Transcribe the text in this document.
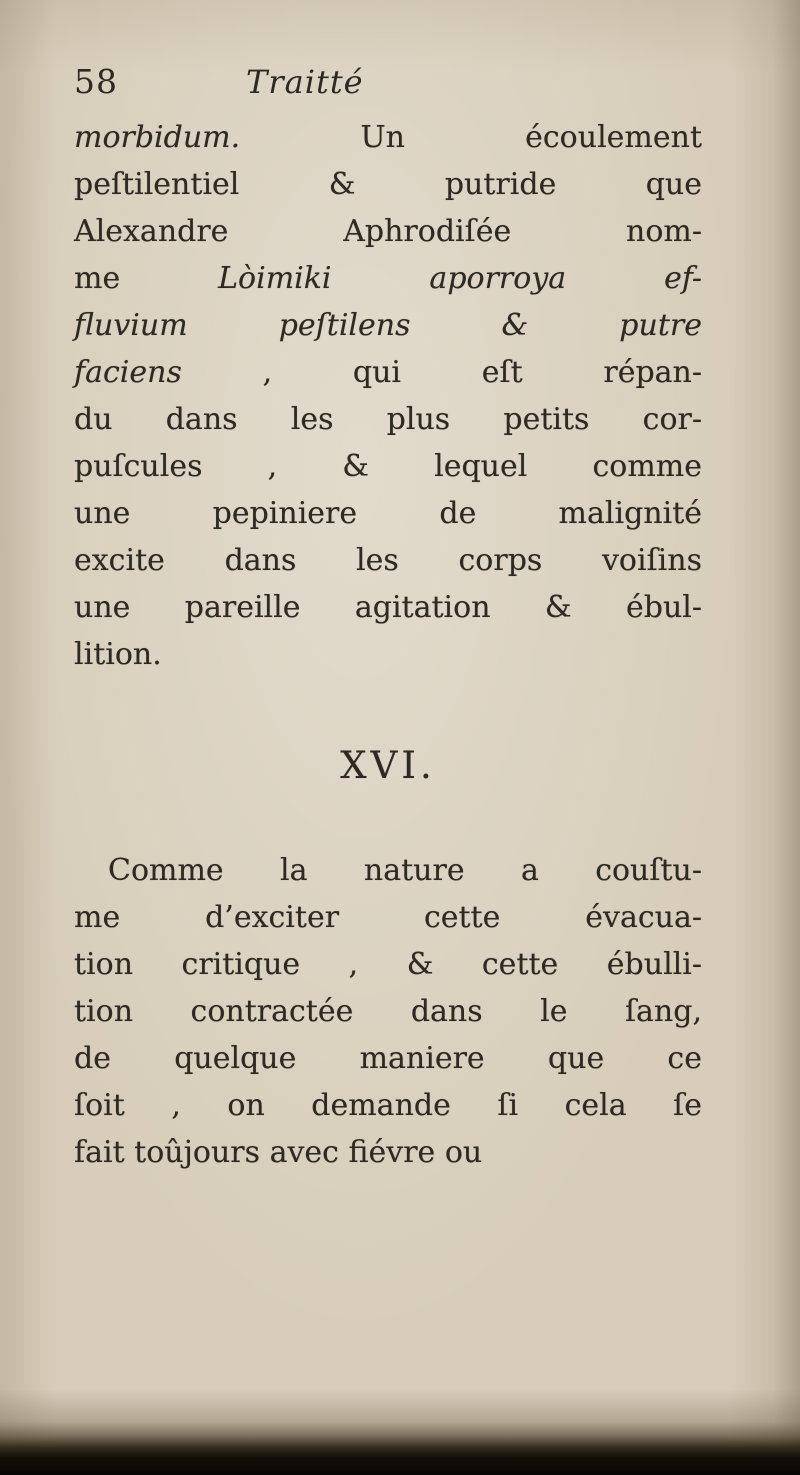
58	Traitté
morbidum. Un écoulement
peſtilentiel & putride que
Alexandre Aphrodiſée nom-
me Lòimiki aporroya ef-
fluvium peſtilens & putre
faciens , qui eſt répan-
du dans les plus petits cor-
puſcules , & lequel comme
une pepiniere de malignité
excite dans les corps voiſins
une pareille agitation & ébul-
lition.
XVI.
Comme la nature a couſtu-
me d’exciter cette évacua-
tion critique , & cette ébulli-
tion contractée dans le ſang,
de quelque maniere que ce
ſoit , on demande ſi cela ſe
fait toûjours avec fiévre ou
